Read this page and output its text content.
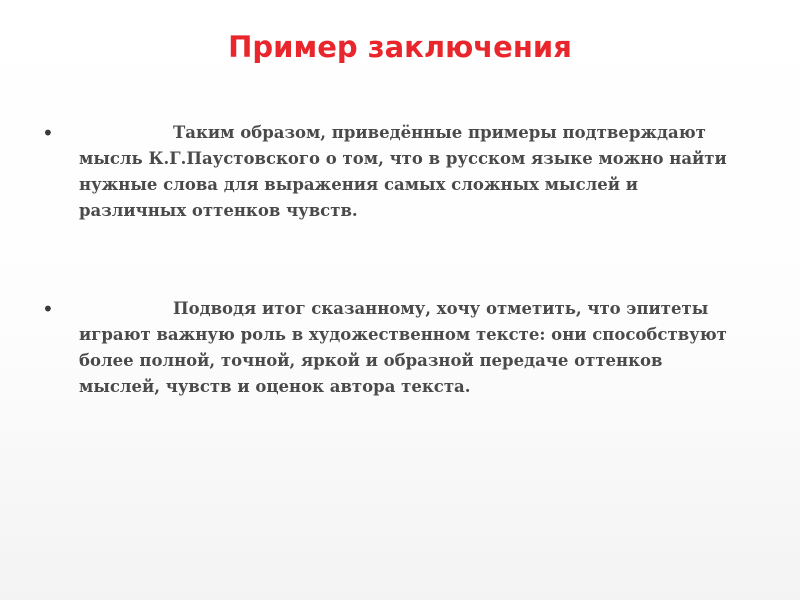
Пример заключения
•	Таким образом, приведённые примеры подтверждают мысль К.Г.Паустовского о том, что в русском языке можно найти нужные слова для выражения самых сложных мыслей и различных оттенков чувств.

•	Подводя итог сказанному, хочу отметить, что эпитеты играют важную роль в художественном тексте: они способствуют более полной, точной, яркой и образной передаче оттенков мыслей, чувств и оценок автора текста.
